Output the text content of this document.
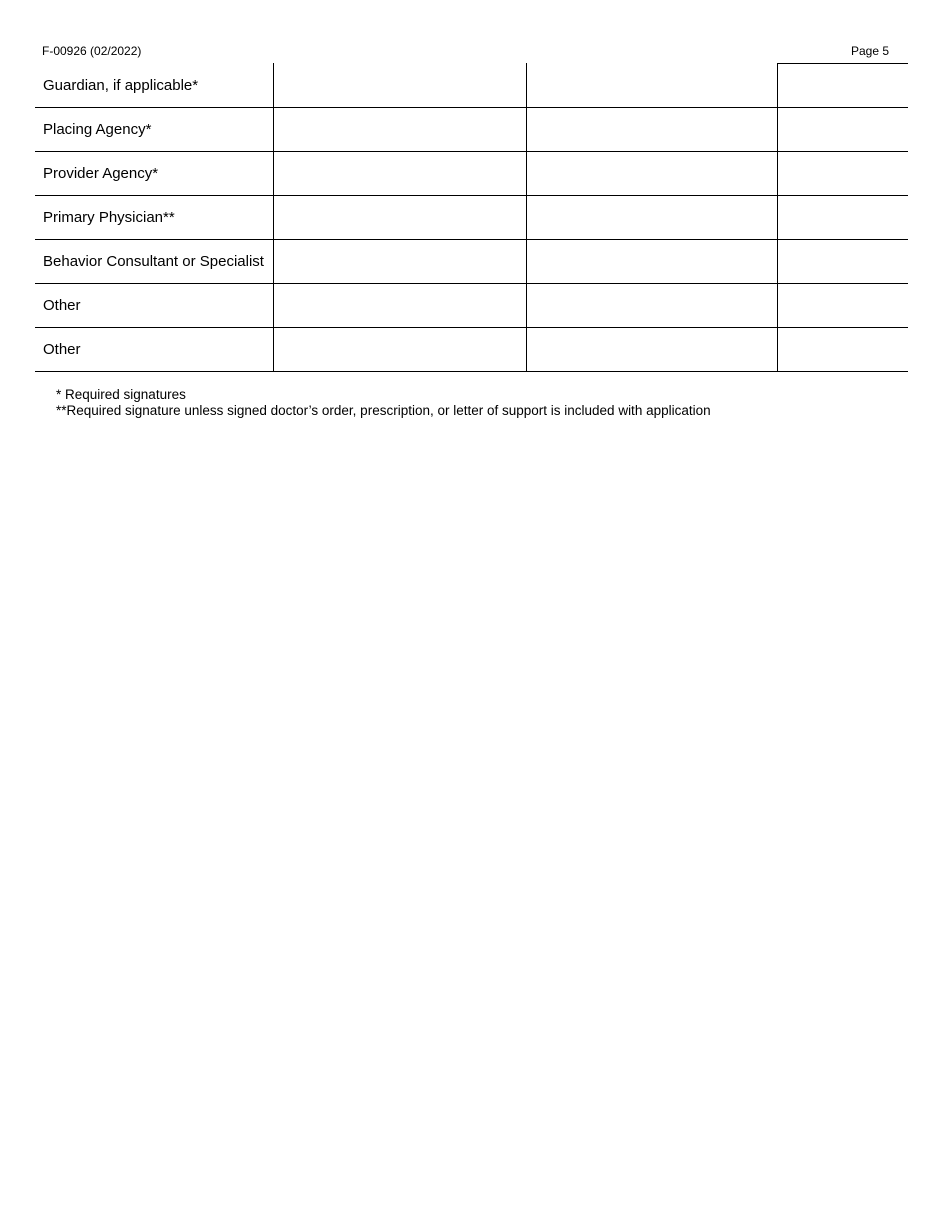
F-00926 (02/2022)	Page 5
Guardian, if applicable*			
Placing Agency*			
Provider Agency*			
Primary Physician**			
Behavior Consultant or Specialist			
Other			
Other			
* Required signatures
**Required signature unless signed doctor’s order, prescription, or letter of support is included with application
